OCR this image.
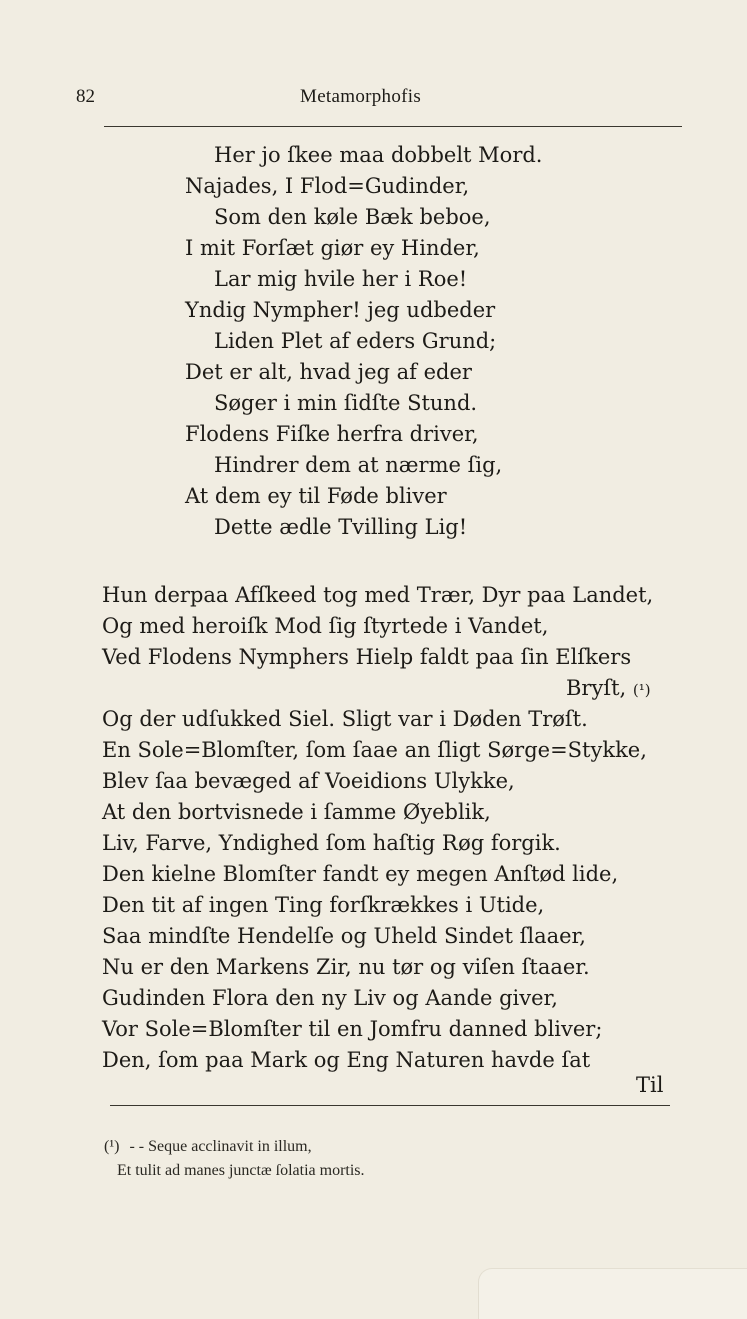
82	Metamorphofis
Her jo ſkee maa dobbelt Mord.
Najades, I Flod=Gudinder,
Som den køle Bæk beboe,
I mit Forſæt giør ey Hinder,
Lar mig hvile her i Roe!
Yndig Nympher! jeg udbeder
Liden Plet af eders Grund;
Det er alt, hvad jeg af eder
Søger i min ſidſte Stund.
Flodens Fiſke herfra driver,
Hindrer dem at nærme ſig,
At dem ey til Føde bliver
Dette ædle Tvilling Lig!
Hun derpaa Afſkeed tog med Trær, Dyr paa Landet,
Og med heroiſk Mod ſig ſtyrtede i Vandet,
Ved Flodens Nymphers Hielp faldt paa ſin Elſkers
Bryſt, (¹)
Og der udſukked Siel. Sligt var i Døden Trøſt.
En Sole=Blomſter, ſom ſaae an ſligt Sørge=Stykke,
Blev ſaa bevæged af Voeidions Ulykke,
At den bortvisnede i ſamme Øyeblik,
Liv, Farve, Yndighed ſom haſtig Røg forgik.
Den kielne Blomſter fandt ey megen Anſtød lide,
Den tit af ingen Ting forſkrækkes i Utide,
Saa mindſte Hendelſe og Uheld Sindet ſlaaer,
Nu er den Markens Zir, nu tør og viſen ſtaaer.
Gudinden Flora den ny Liv og Aande giver,
Vor Sole=Blomſter til en Jomfru danned bliver;
Den, ſom paa Mark og Eng Naturen havde ſat
Til
(¹) - - Seque acclinavit in illum,
Et tulit ad manes junctæ ſolatia mortis.
